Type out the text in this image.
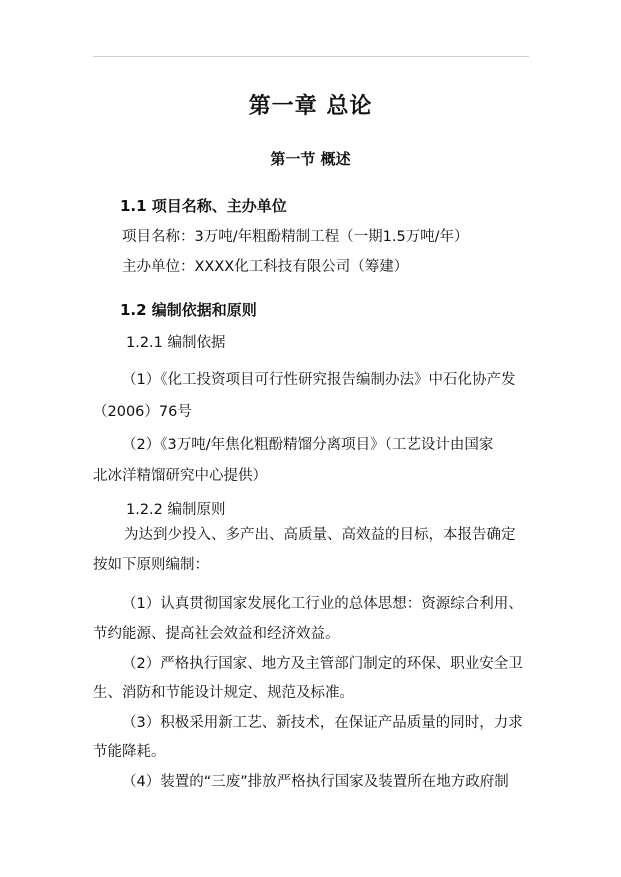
第一章 总论
第一节 概述
1.1 项目名称、主办单位
项目名称：3万吨/年粗酚精制工程（一期1.5万吨/年）
主办单位：XXXX化工科技有限公司（筹建）
1.2 编制依据和原则
1.2.1 编制依据
（1）《化工投资项目可行性研究报告编制办法》中石化协产发
（2006）76号
（2）《3万吨/年焦化粗酚精馏分离项目》（工艺设计由国家
北冰洋精馏研究中心提供）
1.2.2 编制原则
为达到少投入、多产出、高质量、高效益的目标，本报告确定
按如下原则编制：
（1）认真贯彻国家发展化工行业的总体思想：资源综合利用、
节约能源、提高社会效益和经济效益。
（2）严格执行国家、地方及主管部门制定的环保、职业安全卫
生、消防和节能设计规定、规范及标准。
（3）积极采用新工艺、新技术，在保证产品质量的同时，力求
节能降耗。
（4）装置的“三废”排放严格执行国家及装置所在地方政府制
